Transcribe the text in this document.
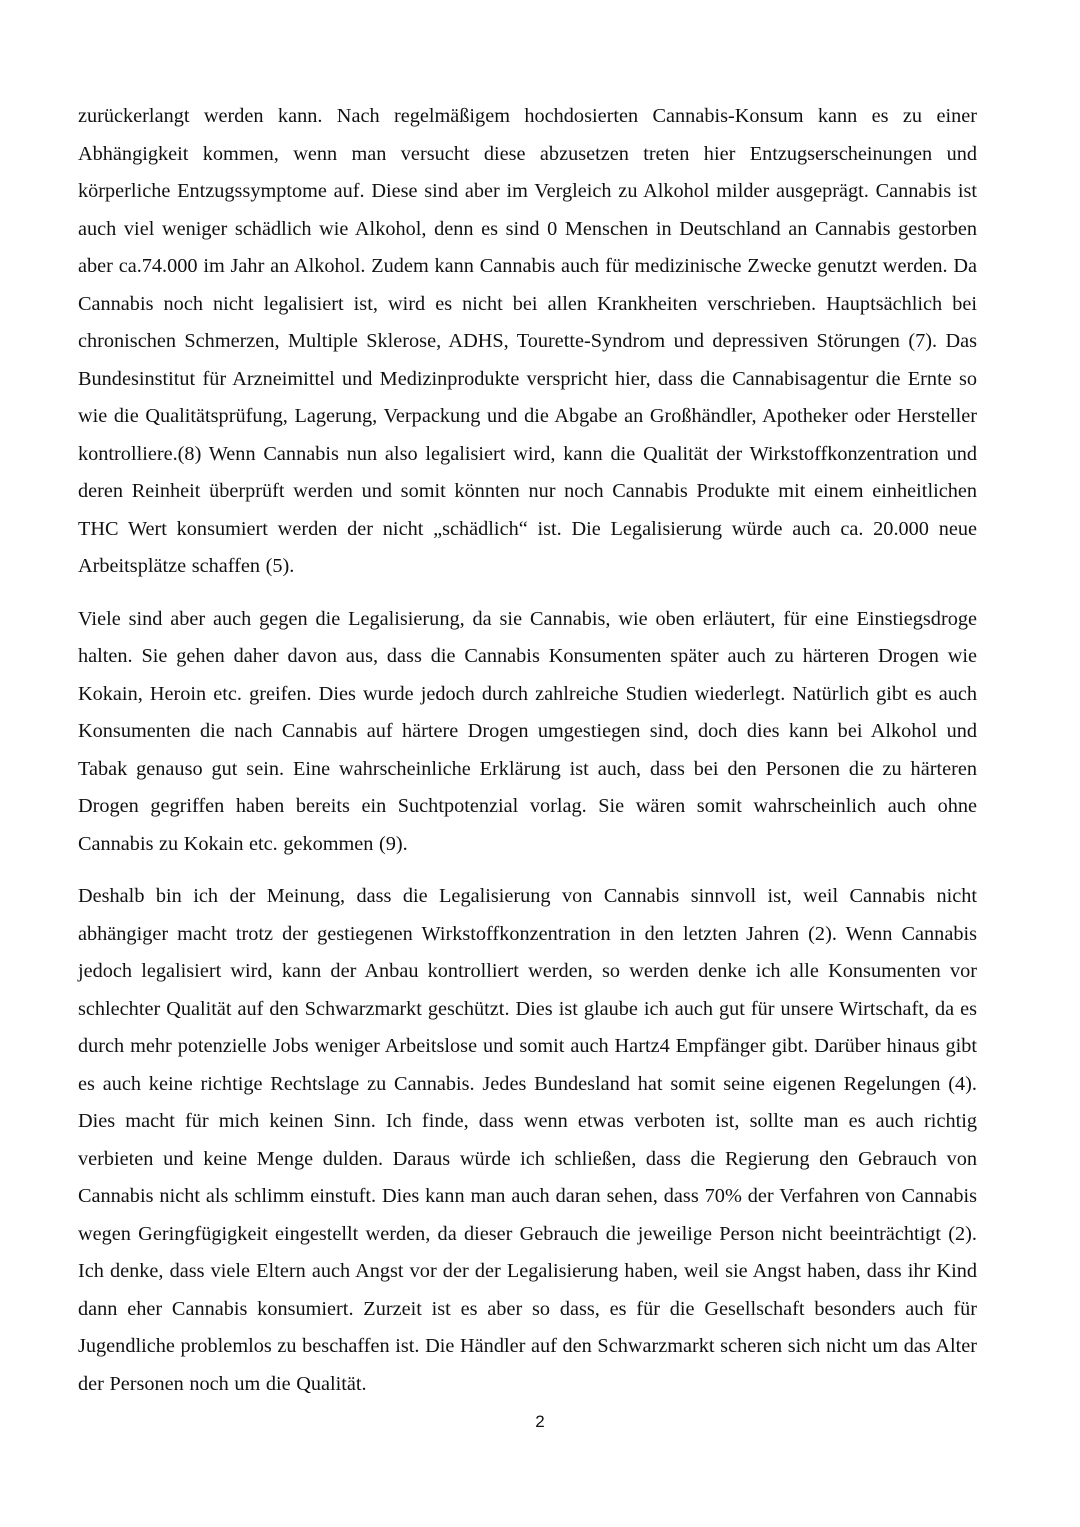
zurückerlangt werden kann. Nach regelmäßigem hochdosierten Cannabis-Konsum kann es zu einer Abhängigkeit kommen, wenn man versucht diese abzusetzen treten hier Entzugserscheinungen und körperliche Entzugssymptome auf. Diese sind aber im Vergleich zu Alkohol milder ausgeprägt. Cannabis ist auch viel weniger schädlich wie Alkohol, denn es sind 0 Menschen in Deutschland an Cannabis gestorben aber ca.74.000 im Jahr an Alkohol. Zudem kann Cannabis auch für medizinische Zwecke genutzt werden. Da Cannabis noch nicht legalisiert ist, wird es nicht bei allen Krankheiten verschrieben. Hauptsächlich bei chronischen Schmerzen, Multiple Sklerose, ADHS, Tourette-Syndrom und depressiven Störungen (7). Das Bundesinstitut für Arzneimittel und Medizinprodukte verspricht hier, dass die Cannabisagentur die Ernte so wie die Qualitätsprüfung, Lagerung, Verpackung und die Abgabe an Großhändler, Apotheker oder Hersteller kontrolliere.(8) Wenn Cannabis nun also legalisiert wird, kann die Qualität der Wirkstoffkonzentration und deren Reinheit überprüft werden und somit könnten nur noch Cannabis Produkte mit einem einheitlichen THC Wert konsumiert werden der nicht „schädlich“ ist. Die Legalisierung würde auch ca. 20.000 neue Arbeitsplätze schaffen (5).

Viele sind aber auch gegen die Legalisierung, da sie Cannabis, wie oben erläutert, für eine Einstiegsdroge halten. Sie gehen daher davon aus, dass die Cannabis Konsumenten später auch zu härteren Drogen wie Kokain, Heroin etc. greifen. Dies wurde jedoch durch zahlreiche Studien wiederlegt. Natürlich gibt es auch Konsumenten die nach Cannabis auf härtere Drogen umgestiegen sind, doch dies kann bei Alkohol und Tabak genauso gut sein. Eine wahrscheinliche Erklärung ist auch, dass bei den Personen die zu härteren Drogen gegriffen haben bereits ein Suchtpotenzial vorlag. Sie wären somit wahrscheinlich auch ohne Cannabis zu Kokain etc. gekommen (9).

Deshalb bin ich der Meinung, dass die Legalisierung von Cannabis sinnvoll ist, weil Cannabis nicht abhängiger macht trotz der gestiegenen Wirkstoffkonzentration in den letzten Jahren (2). Wenn Cannabis jedoch legalisiert wird, kann der Anbau kontrolliert werden, so werden denke ich alle Konsumenten vor schlechter Qualität auf den Schwarzmarkt geschützt. Dies ist glaube ich auch gut für unsere Wirtschaft, da es durch mehr potenzielle Jobs weniger Arbeitslose und somit auch Hartz4 Empfänger gibt. Darüber hinaus gibt es auch keine richtige Rechtslage zu Cannabis. Jedes Bundesland hat somit seine eigenen Regelungen (4). Dies macht für mich keinen Sinn. Ich finde, dass wenn etwas verboten ist, sollte man es auch richtig verbieten und keine Menge dulden. Daraus würde ich schließen, dass die Regierung den Gebrauch von Cannabis nicht als schlimm einstuft. Dies kann man auch daran sehen, dass 70% der Verfahren von Cannabis wegen Geringfügigkeit eingestellt werden, da dieser Gebrauch die jeweilige Person nicht beeinträchtigt (2). Ich denke, dass viele Eltern auch Angst vor der der Legalisierung haben, weil sie Angst haben, dass ihr Kind dann eher Cannabis konsumiert. Zurzeit ist es aber so dass, es für die Gesellschaft besonders auch für Jugendliche problemlos zu beschaffen ist. Die Händler auf den Schwarzmarkt scheren sich nicht um das Alter der Personen noch um die Qualität.

2
